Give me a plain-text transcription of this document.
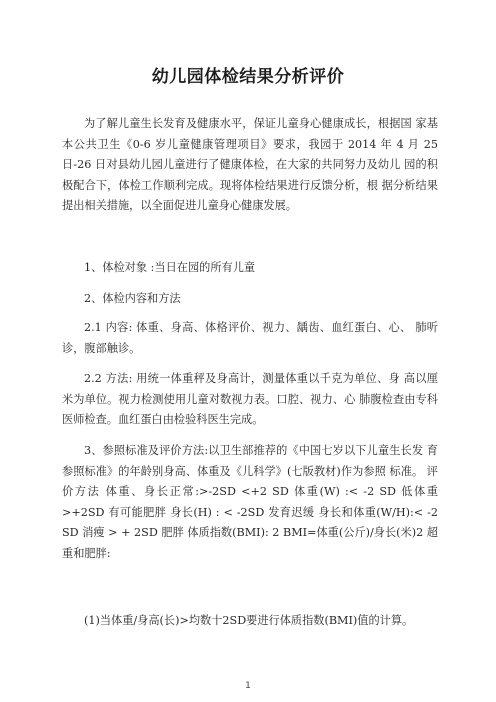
幼儿园体检结果分析评价

为了解儿童生长发育及健康水平，保证儿童身心健康成长，根据国 家基本公共卫生《0-6 岁儿童健康管理项目》要求，我园于 2014 年 4 月 25 日-26 日对县幼儿园儿童进行了健康体检，在大家的共同努力及幼儿 园的积极配合下，体检工作顺利完成。现将体检结果进行反馈分析，根 据分析结果提出相关措施，以全面促进儿童身心健康发展。

1、体检对象 :当日在园的所有儿童

2、体检内容和方法

2.1 内容: 体重、身高、体格评价、视力、龋齿、血红蛋白、心、 肺听诊，腹部触诊。

2.2 方法: 用统一体重秤及身高计，测量体重以千克为单位、身 高以厘米为单位。视力检测使用儿童对数视力表。口腔、视力、心 肺腹检查由专科医师检查。血红蛋白由检验科医生完成。

3、参照标准及评价方法:以卫生部推荐的《中国七岁以下儿童生长发 育参照标准》的年龄别身高、体重及《儿科学》(七版教材)作为参照 标准。 评价方法 体重、身长正常:>-2SD <+2 SD 体重(W) :< -2 SD 低体重 >+2SD 有可能肥胖 身长(H) : < -2SD 发育迟缓 身长和体重(W/H):< -2 SD 消瘦 > + 2SD 肥胖 体质指数(BMI): 2 BMI=体重(公斤)/身长(米)2 超重和肥胖:

(1)当体重/身高(长)>均数十2SD要进行体质指数(BMI)值的计算。

1
